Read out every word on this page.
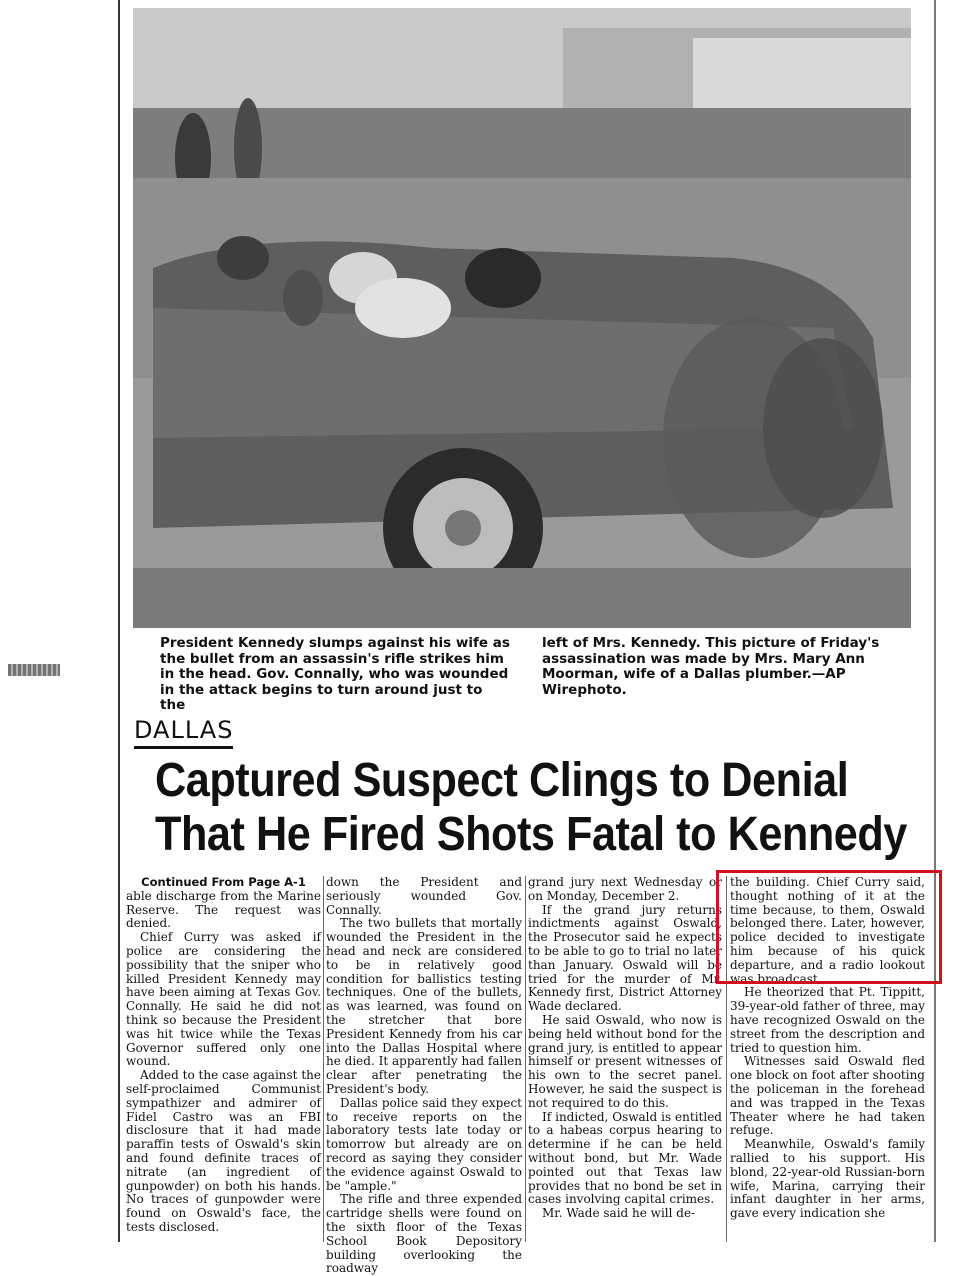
President Kennedy slumps against his wife as the bullet from an assassin's rifle strikes him in the head. Gov. Connally, who was wounded in the attack begins to turn around just to the
left of Mrs. Kennedy. This picture of Friday's assassination was made by Mrs. Mary Ann Moorman, wife of a Dallas plumber.—AP Wirephoto.
DALLAS
Captured Suspect Clings to Denial
That He Fired Shots Fatal to Kennedy

Continued From Page A-1

able discharge from the Marine Reserve. The request was denied.

Chief Curry was asked if police are considering the possibility that the sniper who killed President Kennedy may have been aiming at Texas Gov. Connally. He said he did not think so because the President was hit twice while the Texas Governor suffered only one wound.

Added to the case against the self-proclaimed Communist sympathizer and admirer of Fidel Castro was an FBI disclosure that it had made paraffin tests of Oswald's skin and found definite traces of nitrate (an ingredient of gunpowder) on both his hands. No traces of gunpowder were found on Oswald's face, the tests disclosed.

down the President and seriously wounded Gov. Connally.

The two bullets that mortally wounded the President in the head and neck are considered to be in relatively good condition for ballistics testing techniques. One of the bullets, as was learned, was found on the stretcher that bore President Kennedy from his car into the Dallas Hospital where he died. It apparently had fallen clear after penetrating the President's body.

Dallas police said they expect to receive reports on the laboratory tests late today or tomorrow but already are on record as saying they consider the evidence against Oswald to be "ample."

The rifle and three expended cartridge shells were found on the sixth floor of the Texas School Book Depository building overlooking the roadway

grand jury next Wednesday or on Monday, December 2.

If the grand jury returns indictments against Oswald, the Prosecutor said he expects to be able to go to trial no later than January. Oswald will be tried for the murder of Mr. Kennedy first, District Attorney Wade declared.

He said Oswald, who now is being held without bond for the grand jury, is entitled to appear himself or present witnesses of his own to the secret panel. However, he said the suspect is not required to do this.

If indicted, Oswald is entitled to a habeas corpus hearing to determine if he can be held without bond, but Mr. Wade pointed out that Texas law provides that no bond be set in cases involving capital crimes.

Mr. Wade said he will de-

the building. Chief Curry said, thought nothing of it at the time because, to them, Oswald belonged there. Later, however, police decided to investigate him because of his quick departure, and a radio lookout was broadcast.

He theorized that Pt. Tippitt, 39-year-old father of three, may have recognized Oswald on the street from the description and tried to question him.

Witnesses said Oswald fled one block on foot after shooting the policeman in the forehead and was trapped in the Texas Theater where he had taken refuge.

Meanwhile, Oswald's family rallied to his support. His blond, 22-year-old Russian-born wife, Marina, carrying their infant daughter in her arms, gave every indication she
